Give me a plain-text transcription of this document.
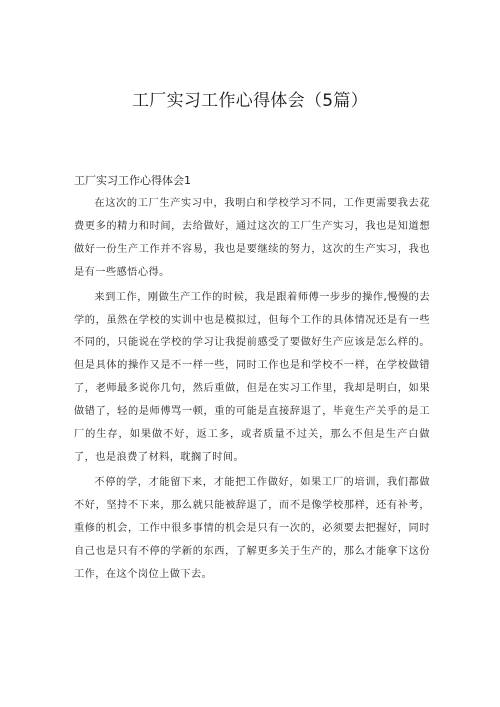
工厂实习工作心得体会（5篇）
工厂实习工作心得体会1

在这次的工厂生产实习中，我明白和学校学习不同，工作更需要我去花费更多的精力和时间，去给做好，通过这次的工厂生产实习，我也是知道想做好一份生产工作并不容易，我也是要继续的努力，这次的生产实习，我也是有一些感悟心得。

来到工作，刚做生产工作的时候，我是跟着师傅一步步的操作,慢慢的去学的，虽然在学校的实训中也是模拟过，但每个工作的具体情况还是有一些不同的，只能说在学校的学习让我提前感受了要做好生产应该是怎么样的。但是具体的操作又是不一样一些，同时工作也是和学校不一样，在学校做错了，老师最多说你几句，然后重做，但是在实习工作里，我却是明白，如果做错了，轻的是师傅骂一顿，重的可能是直接辞退了，毕竟生产关乎的是工厂的生存，如果做不好，返工多，或者质量不过关，那么不但是生产白做了，也是浪费了材料，耽搁了时间。

不停的学，才能留下来，才能把工作做好，如果工厂的培训，我们都做不好，坚持不下来，那么就只能被辞退了，而不是像学校那样，还有补考，重修的机会，工作中很多事情的机会是只有一次的，必须要去把握好，同时自己也是只有不停的学新的东西，了解更多关于生产的，那么才能拿下这份工作，在这个岗位上做下去。
